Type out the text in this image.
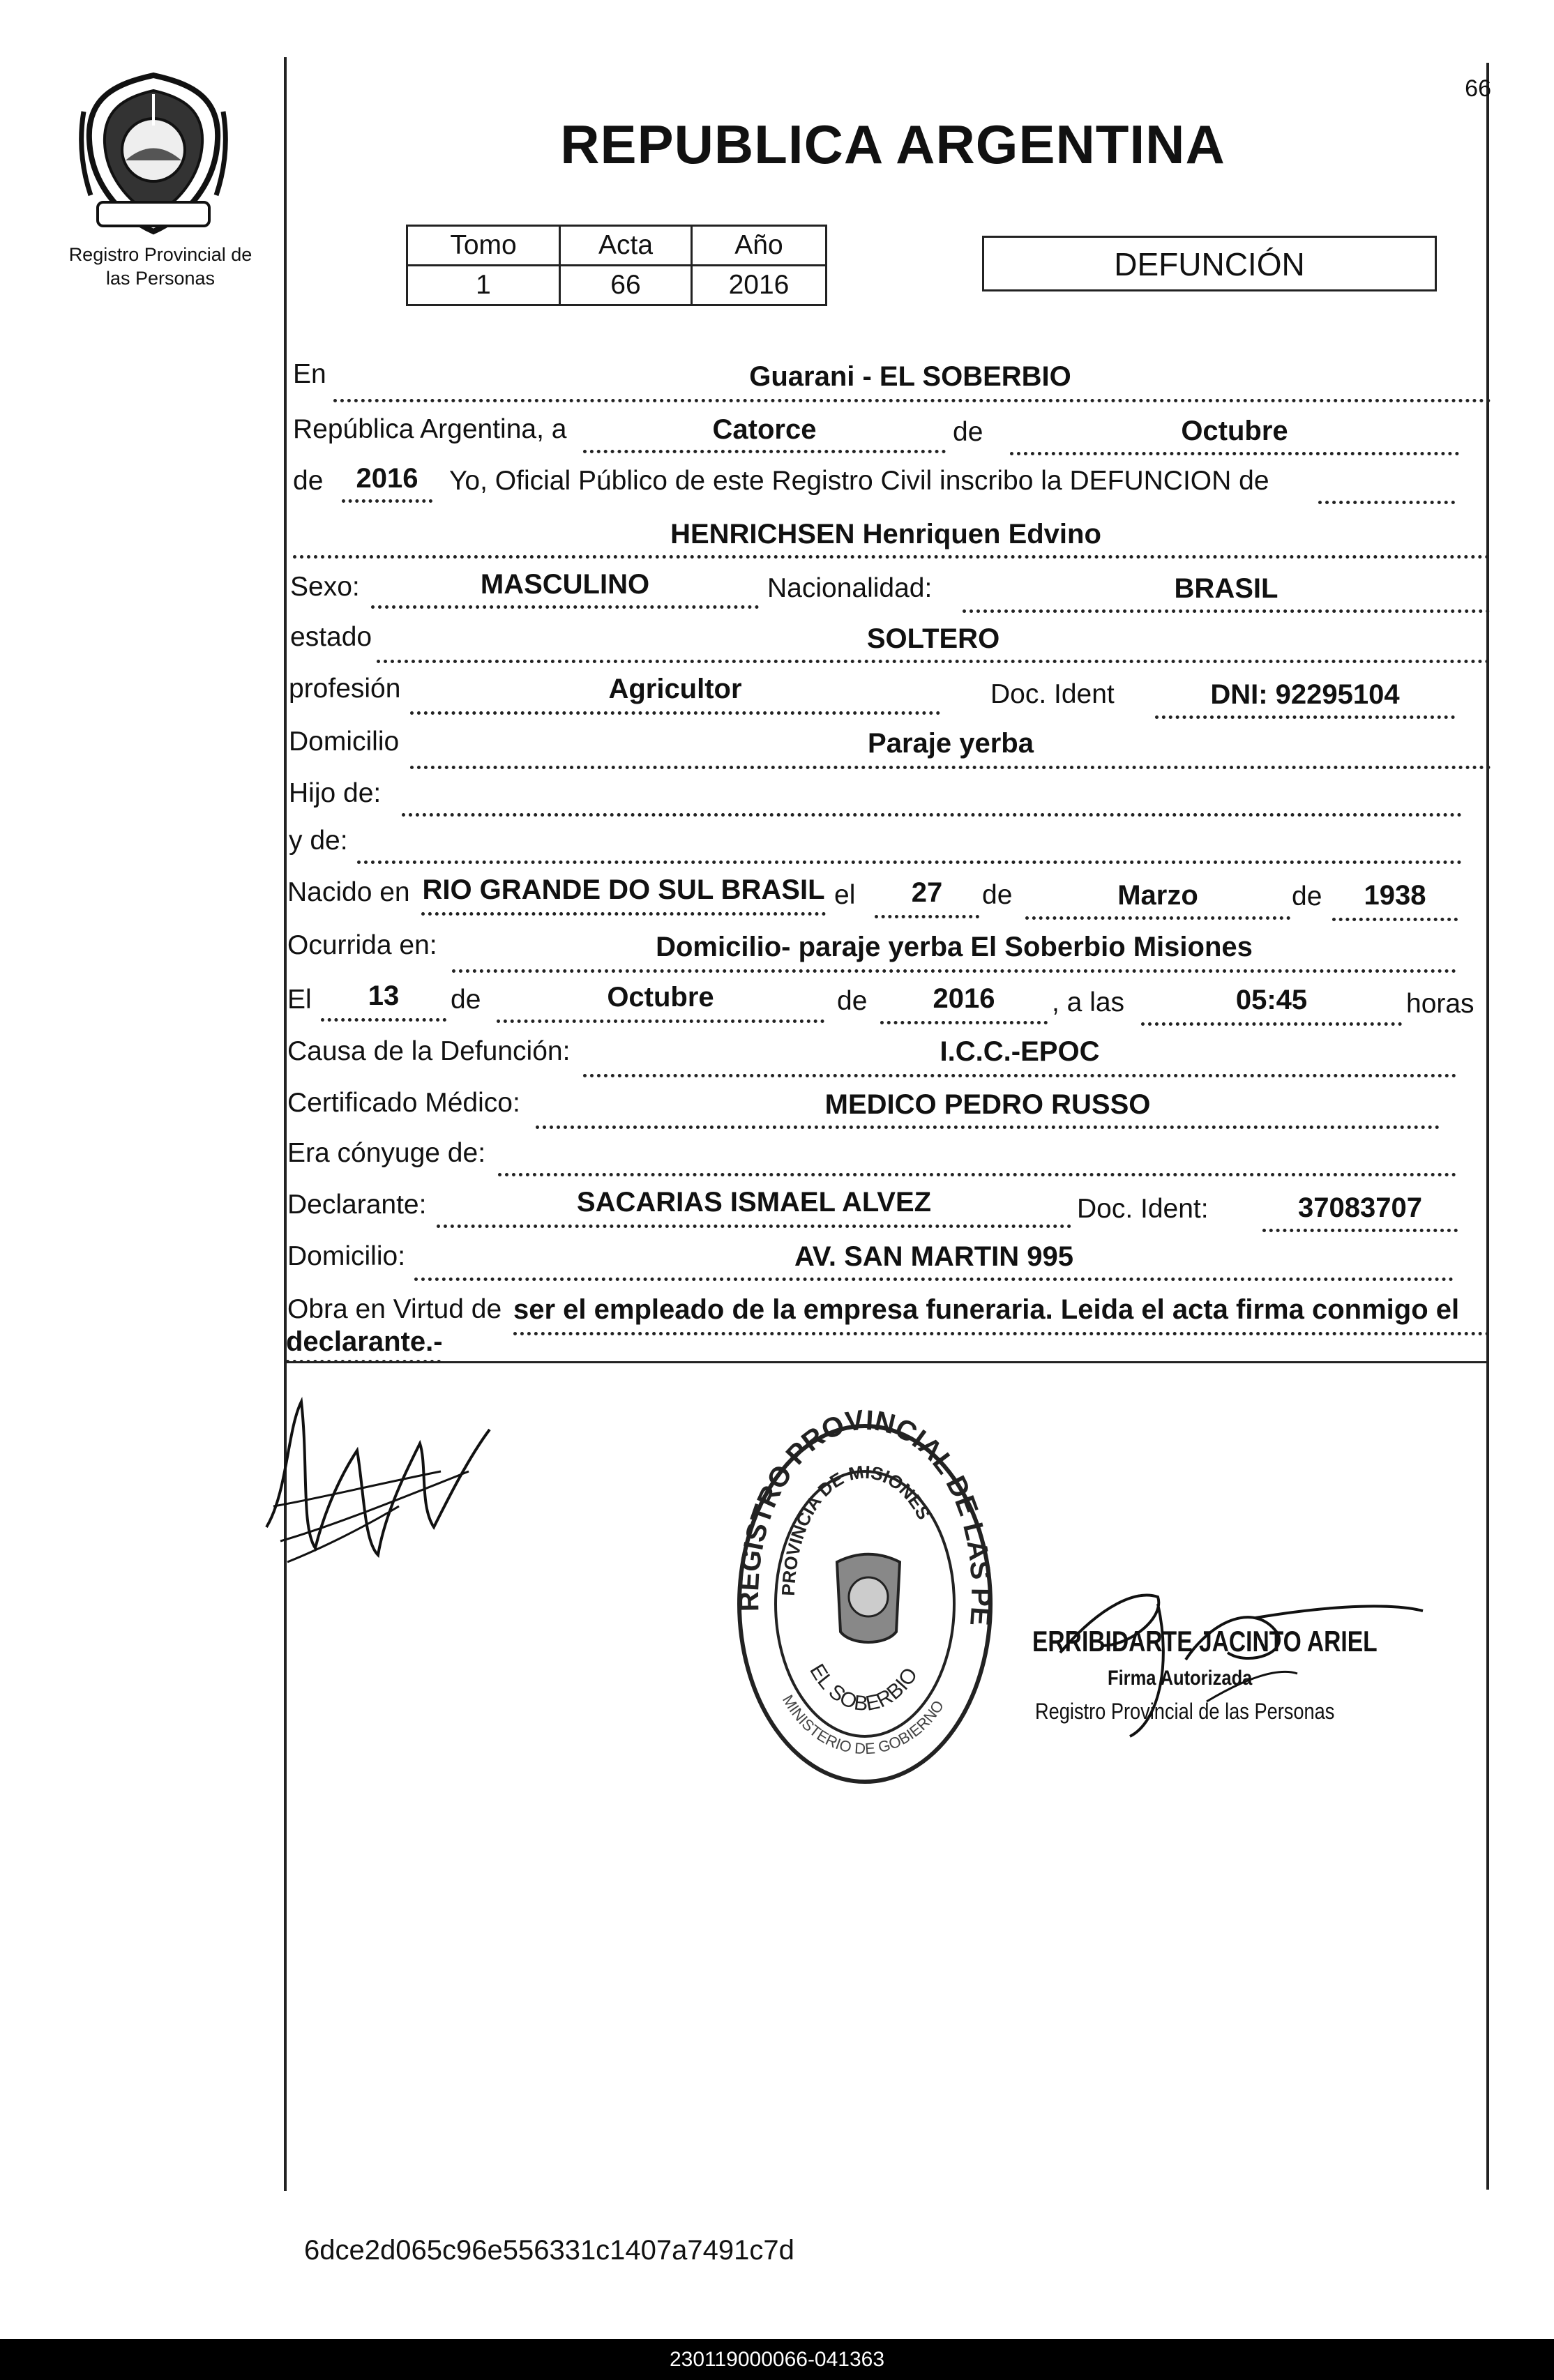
Registro Provincial de
las Personas
66
REPUBLICA ARGENTINA
Tomo	Acta	Año
1	66	2016
DEFUNCIÓN
En	Guarani - EL SOBERBIO
República Argentina, a	Catorce	de	Octubre
de	2016	Yo, Oficial Público de este Registro Civil inscribo la DEFUNCION de
HENRICHSEN Henriquen Edvino
Sexo:	MASCULINO	Nacionalidad:	BRASIL
estado	SOLTERO
profesión	Agricultor	Doc. Ident	DNI: 92295104
Domicilio	Paraje yerba
Hijo de:
y de:
Nacido en RIO GRANDE DO SUL BRASIL el	27	de	Marzo	de	1938
Ocurrida en:	Domicilio- paraje yerba El Soberbio Misiones
El	13	de	Octubre	de	2016	, a las	05:45	horas
Causa de la Defunción:	I.C.C.-EPOC
Certificado Médico:	MEDICO PEDRO RUSSO
Era cónyuge de:
Declarante:	SACARIAS ISMAEL ALVEZ	Doc. Ident:	37083707
Domicilio:	AV. SAN MARTIN 995
Obra en Virtud de ser el empleado de la empresa funeraria. Leida el acta firma conmigo el
declarante.-
REGISTRO PROVINCIAL DE LAS PE
PROVINCIA DE MISIONES
EL SOBERBIO
MINISTERIO DE GOBIERNO
ERRIBIDARTE JACINTO ARIEL
Firma Autorizada
Registro Provincial de las Personas
6dce2d065c96e556331c1407a7491c7d
230119000066-041363
